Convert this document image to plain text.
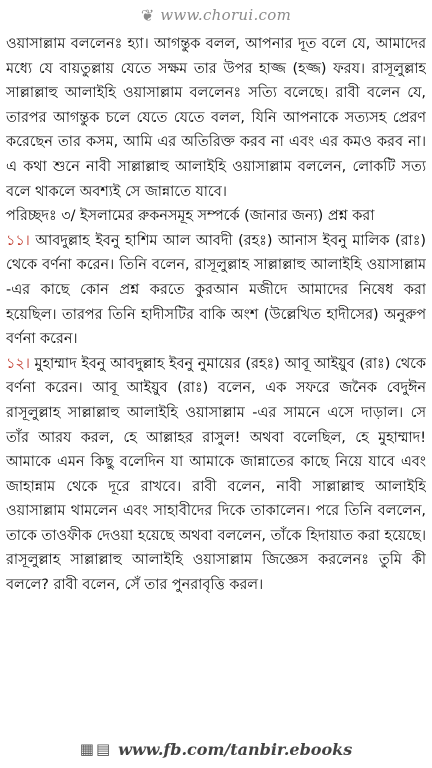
❦ www.chorui.com

ওয়াসাল্লাম বললেনঃ হ্যা। আগন্তুক বলল, আপনার দূত বলে যে, আমাদের মধ্যে যে বায়তুল্লায় যেতে সক্ষম তার উপর হাজ্জ (হজ্জ) ফরয। রাসূলুল্লাহ সাল্লাল্লাহু আলাইহি ওয়াসাল্লাম বললেনঃ সত্যি বলেছে। রাবী বলেন যে, তারপর আগন্তুক চলে যেতে যেতে বলল, যিনি আপনাকে সত্যসহ প্রেরণ করেছেন তার কসম, আমি এর অতিরিক্ত করব না এবং এর কমও করব না। এ কথা শুনে নাবী সাল্লাল্লাহু আলাইহি ওয়াসাল্লাম বললেন, লোকটি সত্য বলে থাকলে অবশ্যই সে জান্নাতে যাবে।

পরিচ্ছদঃ ৩/ ইসলামের রুকনসমূহ সম্পর্কে (জানার জন্য) প্রশ্ন করা

১১। আবদুল্লাহ ইবনু হাশিম আল আবদী (রহঃ) আনাস ইবনু মালিক (রাঃ) থেকে বর্ণনা করেন। তিনি বলেন, রাসূলুল্লাহ সাল্লাল্লাহু আলাইহি ওয়াসাল্লাম -এর কাছে কোন প্রশ্ন করতে কুরআন মজীদে আমাদের নিষেধ করা হয়েছিল। তারপর তিনি হাদীসটির বাকি অংশ (উল্লেখিত হাদীসের) অনুরুপ বর্ণনা করেন।

১২। মুহাম্মাদ ইবনু আবদুল্লাহ ইবনু নুমায়ের (রহঃ) আবূ আইয়ুব (রাঃ) থেকে বর্ণনা করেন। আবূ আইয়ুব (রাঃ) বলেন, এক সফরে জনৈক বেদুঈন রাসূলুল্লাহ সাল্লাল্লাহু আলাইহি ওয়াসাল্লাম -এর সামনে এসে দাড়াল। সে তাঁর আরয করল, হে আল্লাহর রাসুল! অথবা বলেছিল, হে মুহাম্মাদ! আমাকে এমন কিছু বলেদিন যা আমাকে জান্নাতের কাছে নিয়ে যাবে এবং জাহান্নাম থেকে দূরে রাখবে। রাবী বলেন, নাবী সাল্লাল্লাহু আলাইহি ওয়াসাল্লাম থামলেন এবং সাহাবীদের দিকে তাকালেন। পরে তিনি বললেন, তাকে তাওফীক দেওয়া হয়েছে অথবা বললেন, তাঁকে হিদায়াত করা হয়েছে। রাসূলুল্লাহ সাল্লাল্লাহু আলাইহি ওয়াসাল্লাম জিজ্ঞেস করলেনঃ তুমি কী বললে? রাবী বলেন, সেঁ তার পুনরাবৃত্তি করল।

▦▤ www.fb.com/tanbir.ebooks
